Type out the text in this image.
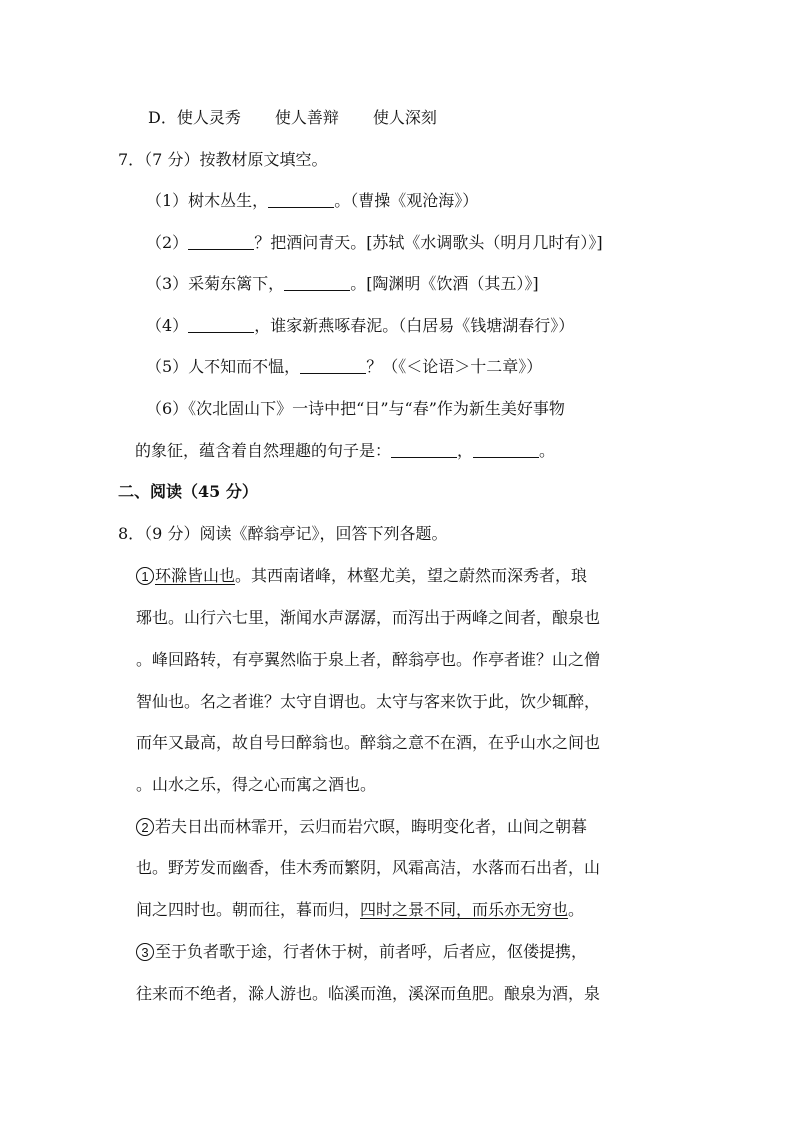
D．使人灵秀 使人善辩 使人深刻
7．（7 分）按教材原文填空。
（1）树木丛生，	。（曹操《观沧海》）
（2）	？把酒问青天。[苏轼《水调歌头（明月几时有）》]
（3）采菊东篱下，	。[陶渊明《饮酒（其五）》]
（4）	，谁家新燕啄春泥。（白居易《钱塘湖春行》）
（5）人不知而不愠，	？（《＜论语＞十二章》）
（6）《次北固山下》一诗中把“日”与“春”作为新生美好事物
的象征，蕴含着自然理趣的句子是：	，	。
二、阅读（45 分）
8．（9 分）阅读《醉翁亭记》，回答下列各题。
1 环滁皆山也。其西南诸峰，林壑尤美，望之蔚然而深秀者，琅
琊也。山行六七里，渐闻水声潺潺，而泻出于两峰之间者，酿泉也
。峰回路转，有亭翼然临于泉上者，醉翁亭也。作亭者谁？山之僧
智仙也。名之者谁？太守自谓也。太守与客来饮于此，饮少辄醉，
而年又最高，故自号曰醉翁也。醉翁之意不在酒，在乎山水之间也
。山水之乐，得之心而寓之酒也。
2 若夫日出而林霏开，云归而岩穴暝，晦明变化者，山间之朝暮
也。野芳发而幽香，佳木秀而繁阴，风霜高洁，水落而石出者，山
间之四时也。朝而往，暮而归，四时之景不同，而乐亦无穷也。
3 至于负者歌于途，行者休于树，前者呼，后者应，伛偻提携，
往来而不绝者，滁人游也。临溪而渔，溪深而鱼肥。酿泉为酒，泉
